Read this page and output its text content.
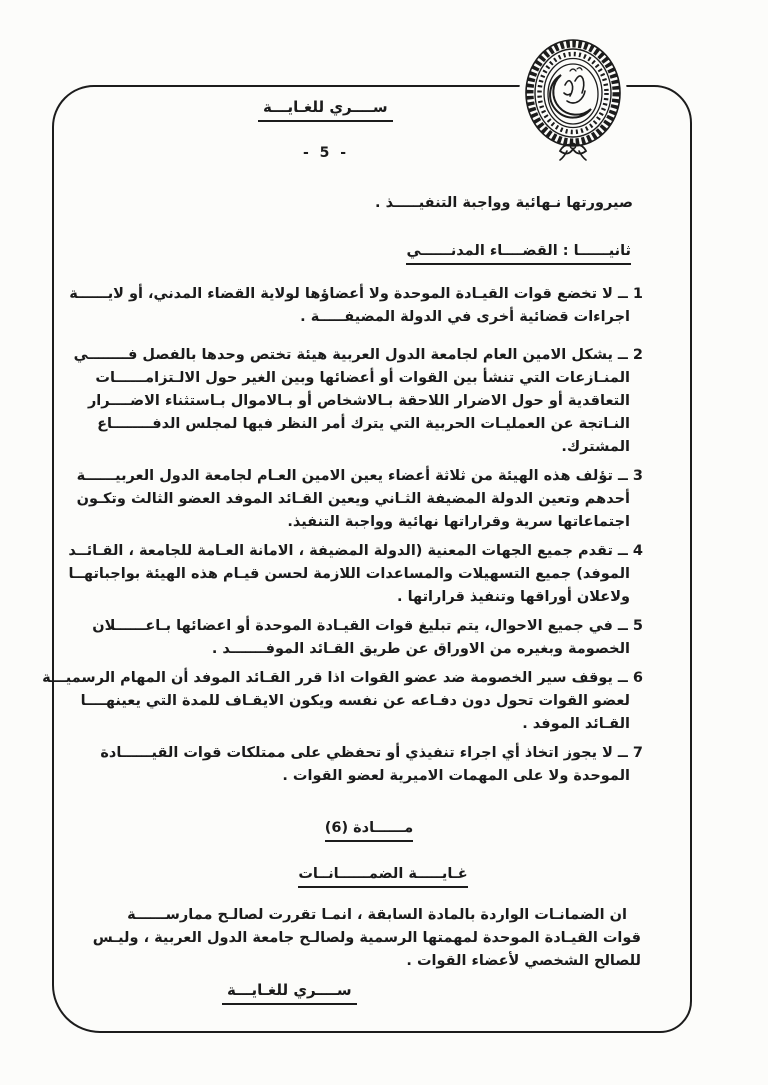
ســــري للغـايـــة
- 5 -
صيرورتها نـهائية وواجبة التنفيـــــذ .
ثانيــــــا : القضــــاء المدنــــــي
1 ــ لا تخضع قوات القيـادة الموحدة ولا أعضاؤها لولاية القضاء المدني، أو لايــــــة
اجراءات قضائية أخرى في الدولة المضيفـــــة .
2 ــ يشكل الامين العام لجامعة الدول العربية هيئة تختص وحدها بالفصل فــــــــي
المنـازعات التي تنشأ بين القوات أو أعضائها وبين الغير حول الالـتزامــــــات
التعاقدية أو حول الاضرار اللاحقة بـالاشخاص أو بـالاموال بـاستثناء الاضــــرار
النـاتجة عن العمليـات الحربية التي يترك أمر النظر فيها لمجلس الدفــــــــاع
المشترك.
3 ــ تؤلف هذه الهيئة من ثلاثة أعضاء يعين الامين العـام لجامعة الدول العربيــــــة
أحدهم وتعين الدولة المضيفة الثـاني ويعين القـائد الموفد العضو الثالث وتكـون
اجتماعاتها سرية وقراراتها نهائية وواجبة التنفيذ.
4 ــ تقدم جميع الجهات المعنية (الدولة المضيفة ، الامانة العـامة للجامعة ، القـائــد
الموفد) جميع التسهيلات والمساعدات اللازمة لحسن قيـام هذه الهيئة بواجباتهــا
ولاعلان أوراقها وتنفيذ قراراتها .
5 ــ في جميع الاحوال، يتم تبليغ قوات القيـادة الموحدة أو اعضائها بـاعــــــلان
الخصومة وبغيره من الاوراق عن طريق القـائد الموفـــــــد .
6 ــ يوقف سير الخصومة ضد عضو القوات اذا قرر القـائد الموفد أن المهام الرسميـــة
لعضو القوات تحول دون دفـاعه عن نفسه ويكون الايقـاف للمدة التي يعينهــــا
القـائد الموفد .
7 ــ لا يجوز اتخاذ أي اجراء تنفيذي أو تحفظي على ممتلكات قوات القيــــــادة
الموحدة ولا على المهمات الاميرية لعضو القوات .
مــــــادة (6)
غـايـــــة الضمــــــانــات
ان الضمانـات الواردة بالمادة السابقة ، انمـا تقررت لصالـح ممارســــــة
قوات القيـادة الموحدة لمهمتها الرسمية ولصالـح جامعة الدول العربية ، وليـس
للصالح الشخصي لأعضاء القوات .
ســــري للغـايـــة
